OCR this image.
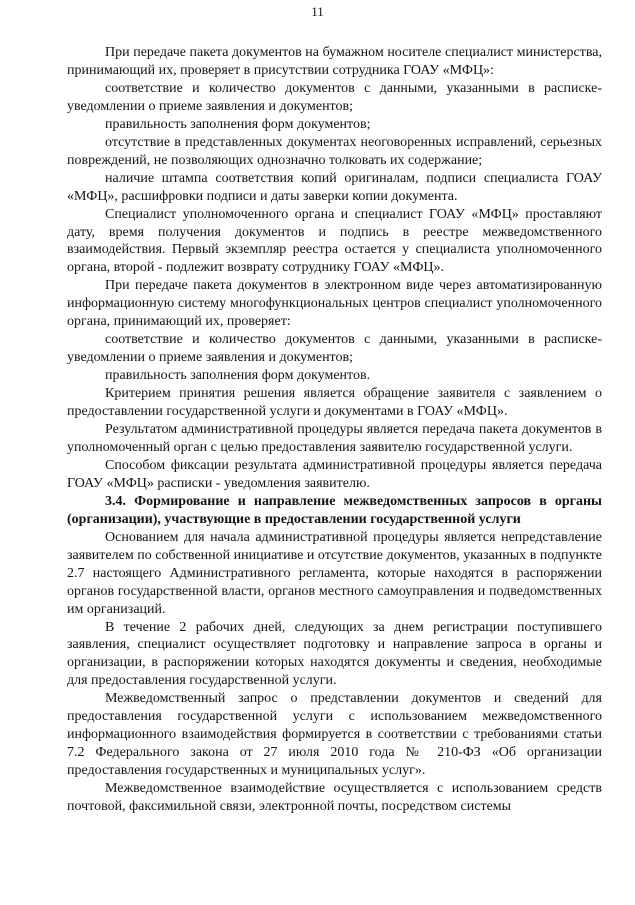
11

При передаче пакета документов на бумажном носителе специалист министерства, принимающий их, проверяет в присутствии сотрудника ГОАУ «МФЦ»:

соответствие и количество документов с данными, указанными в расписке-уведомлении о приеме заявления и документов;

правильность заполнения форм документов;

отсутствие в представленных документах неоговоренных исправлений, серьезных повреждений, не позволяющих однозначно толковать их содержание;

наличие штампа соответствия копий оригиналам, подписи специалиста ГОАУ «МФЦ», расшифровки подписи и даты заверки копии документа.

Специалист уполномоченного органа и специалист ГОАУ «МФЦ» проставляют дату, время получения документов и подпись в реестре межведомственного взаимодействия. Первый экземпляр реестра остается у специалиста уполномоченного органа, второй - подлежит возврату сотруднику ГОАУ «МФЦ».

При передаче пакета документов в электронном виде через автоматизированную информационную систему многофункциональных центров специалист уполномоченного органа, принимающий их, проверяет:

соответствие и количество документов с данными, указанными в расписке-уведомлении о приеме заявления и документов;

правильность заполнения форм документов.

Критерием принятия решения является обращение заявителя с заявлением о предоставлении государственной услуги и документами в ГОАУ «МФЦ».

Результатом административной процедуры является передача пакета документов в уполномоченный орган с целью предоставления заявителю государственной услуги.

Способом фиксации результата административной процедуры является передача ГОАУ «МФЦ» расписки - уведомления заявителю.

3.4. Формирование и направление межведомственных запросов в органы (организации), участвующие в предоставлении государственной услуги

Основанием для начала административной процедуры является непредставление заявителем по собственной инициативе и отсутствие документов, указанных в подпункте 2.7 настоящего Административного регламента, которые находятся в распоряжении органов государственной власти, органов местного самоуправления и подведомственных им организаций.

В течение 2 рабочих дней, следующих за днем регистрации поступившего заявления, специалист осуществляет подготовку и направление запроса в органы и организации, в распоряжении которых находятся документы и сведения, необходимые для предоставления государственной услуги.

Межведомственный запрос о представлении документов и сведений для предоставления государственной услуги с использованием межведомственного информационного взаимодействия формируется в соответствии с требованиями статьи 7.2 Федерального закона от 27 июля 2010 года № 210-ФЗ «Об организации предоставления государственных и муниципальных услуг».

Межведомственное взаимодействие осуществляется с использованием средств почтовой, факсимильной связи, электронной почты, посредством системы
